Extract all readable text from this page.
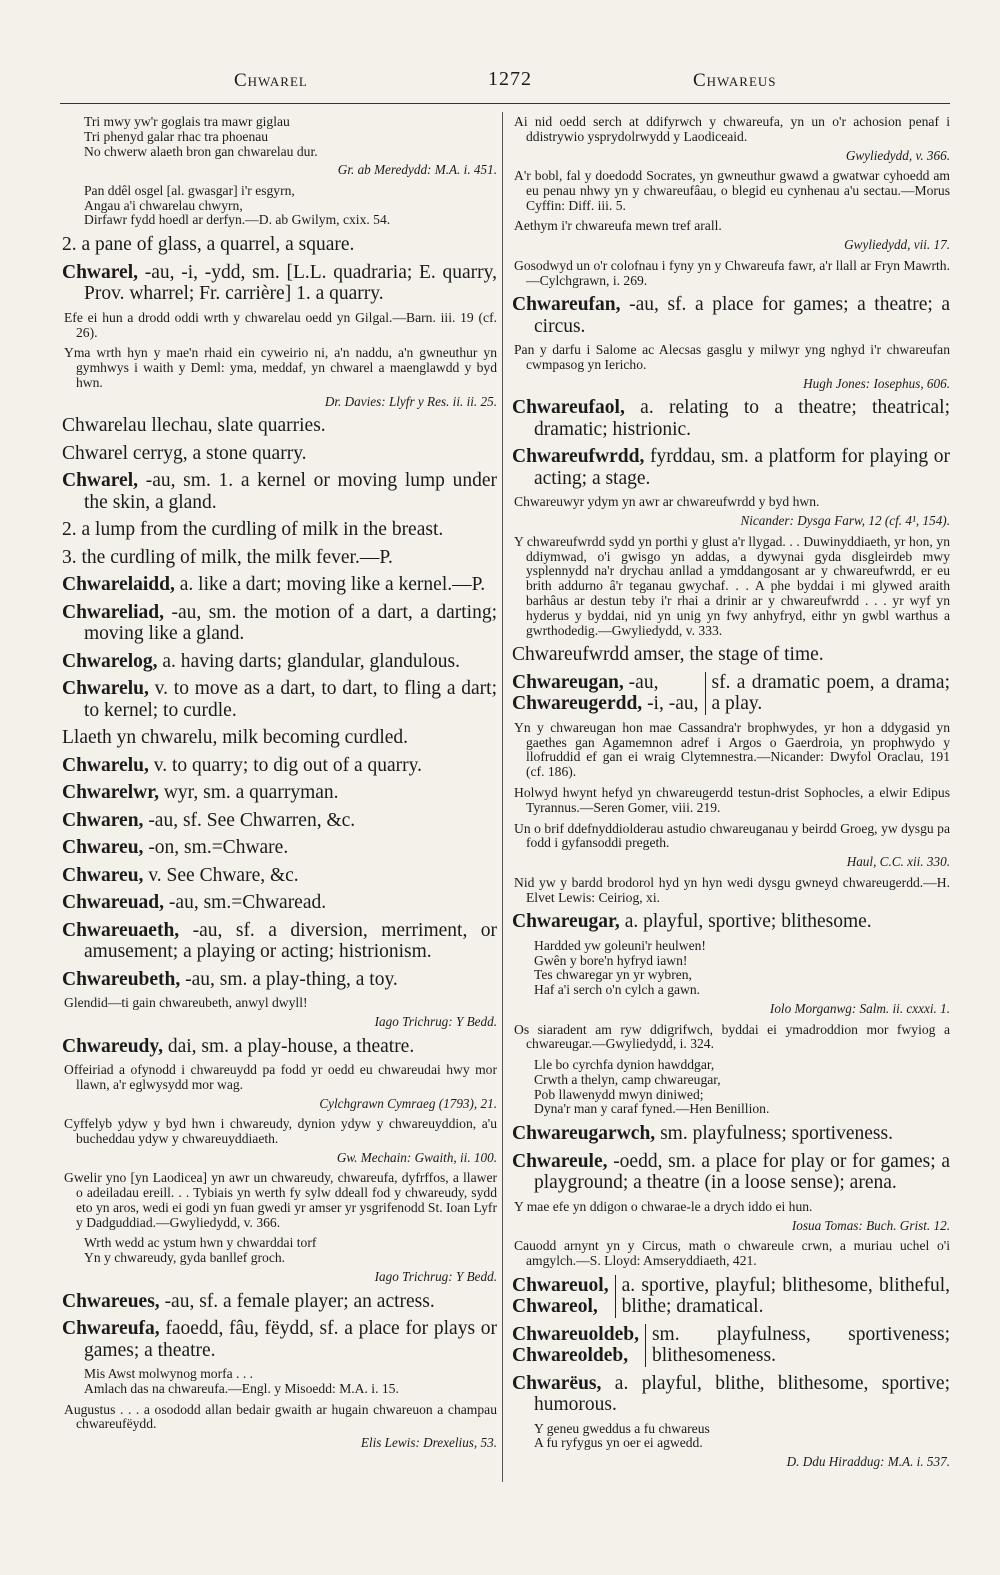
Chwarel	1272	Chwareus
Tri mwy yw'r goglais tra mawr giglau
Tri phenyd galar rhac tra phoenau
No chwerw alaeth bron gan chwarelau dur.
Gr. ab Meredydd: M.A. i. 451.
Pan ddêl osgel [al. gwasgar] i'r esgyrn,
Angau a'i chwarelau chwyrn,
Dirfawr fydd hoedl ar derfyn.—D. ab Gwilym, cxix. 54.
2. a pane of glass, a quarrel, a square.
Chwarel, -au, -i, -ydd, sm. [L.L. quadraria; E. quarry, Prov. wharrel; Fr. carrière] 1. a quarry.
Efe ei hun a drodd oddi wrth y chwarelau oedd yn Gilgal.—Barn. iii. 19 (cf. 26).
Yma wrth hyn y mae'n rhaid ein cyweirio ni, a'n naddu, a'n gwneuthur yn gymhwys i waith y Deml: yma, meddaf, yn chwarel a maenglawdd y byd hwn.
Dr. Davies: Llyfr y Res. ii. ii. 25.
Chwarelau llechau, slate quarries.
Chwarel cerryg, a stone quarry.
Chwarel, -au, sm. 1. a kernel or moving lump under the skin, a gland.
2. a lump from the curdling of milk in the breast.
3. the curdling of milk, the milk fever.—P.
Chwarelaidd, a. like a dart; moving like a kernel.—P.
Chwareliad, -au, sm. the motion of a dart, a darting; moving like a gland.
Chwarelog, a. having darts; glandular, glandulous.
Chwarelu, v. to move as a dart, to dart, to fling a dart; to kernel; to curdle.
Llaeth yn chwarelu, milk becoming curdled.
Chwarelu, v. to quarry; to dig out of a quarry.
Chwarelwr, wyr, sm. a quarryman.
Chwaren, -au, sf. See Chwarren, &c.
Chwareu, -on, sm.=Chware.
Chwareu, v. See Chware, &c.
Chwareuad, -au, sm.=Chwaread.
Chwareuaeth, -au, sf. a diversion, merriment, or amusement; a playing or acting; histrionism.
Chwareubeth, -au, sm. a play-thing, a toy.
Glendid—ti gain chwareubeth, anwyl dwyll!
Iago Trichrug: Y Bedd.
Chwareudy, dai, sm. a play-house, a theatre.
Offeiriad a ofynodd i chwareuydd pa fodd yr oedd eu chwareudai hwy mor llawn, a'r eglwysydd mor wag.
Cylchgrawn Cymraeg (1793), 21.
Cyffelyb ydyw y byd hwn i chwareudy, dynion ydyw y chwareuyddion, a'u bucheddau ydyw y chwareuyddiaeth.
Gw. Mechain: Gwaith, ii. 100.
Gwelir yno [yn Laodicea] yn awr un chwareudy, chwareufa, dyfrffos, a llawer o adeiladau ereill. . . Tybiais yn werth fy sylw ddeall fod y chwareudy, sydd eto yn aros, wedi ei godi yn fuan gwedi yr amser yr ysgrifenodd St. Ioan Lyfr y Dadguddiad.—Gwyliedydd, v. 366.
Wrth wedd ac ystum hwn y chwarddai torf
Yn y chwareudy, gyda banllef groch.
Iago Trichrug: Y Bedd.
Chwareues, -au, sf. a female player; an actress.
Chwareufa, faoedd, fâu, fëydd, sf. a place for plays or games; a theatre.
Mis Awst molwynog morfa . . .
Amlach das na chwareufa.—Engl. y Misoedd: M.A. i. 15.
Augustus . . . a osododd allan bedair gwaith ar hugain chwareuon a champau chwareufëydd.
Elis Lewis: Drexelius, 53.
Ai nid oedd serch at ddifyrwch y chwareufa, yn un o'r achosion penaf i ddistrywio ysprydolrwydd y Laodiceaid.
Gwyliedydd, v. 366.
A'r bobl, fal y doedodd Socrates, yn gwneuthur gwawd a gwatwar cyhoedd am eu penau nhwy yn y chwareufâau, o blegid eu cynhenau a'u sectau.—Morus Cyffin: Diff. iii. 5.
Aethym i'r chwareufa mewn tref arall.
Gwyliedydd, vii. 17.
Gosodwyd un o'r colofnau i fyny yn y Chwareufa fawr, a'r llall ar Fryn Mawrth.—Cylchgrawn, i. 269.
Chwareufan, -au, sf. a place for games; a theatre; a circus.
Pan y darfu i Salome ac Alecsas gasglu y milwyr yng nghyd i'r chwareufan cwmpasog yn Iericho.
Hugh Jones: Iosephus, 606.
Chwareufaol, a. relating to a theatre; theatrical; dramatic; histrionic.
Chwareufwrdd, fyrddau, sm. a platform for playing or acting; a stage.
Chwareuwyr ydym yn awr ar chwareufwrdd y byd hwn.
Nicander: Dysga Farw, 12 (cf. 4¹, 154).
Y chwareufwrdd sydd yn porthi y glust a'r llygad. . . Duwinyddiaeth, yr hon, yn ddiymwad, o'i gwisgo yn addas, a dywynai gyda disgleirdeb mwy ysplennydd na'r drychau anllad a ymddangosant ar y chwareufwrdd, er eu brith addurno â'r teganau gwychaf. . . A phe byddai i mi glywed araith barhâus ar destun teby i'r rhai a drinir ar y chwareufwrdd . . . yr wyf yn hyderus y byddai, nid yn unig yn fwy anhyfryd, eithr yn gwbl warthus a gwrthodedig.—Gwyliedydd, v. 333.
Chwareufwrdd amser, the stage of time.
Chwareugan, -au,
Chwareugerdd, -i, -au,
sf. a dramatic poem, a drama; a play.
Yn y chwareugan hon mae Cassandra'r brophwydes, yr hon a ddygasid yn gaethes gan Agamemnon adref i Argos o Gaerdroia, yn prophwydo y llofruddid ef gan ei wraig Clytemnestra.—Nicander: Dwyfol Oraclau, 191 (cf. 186).
Holwyd hwynt hefyd yn chwareugerdd testun-drist Sophocles, a elwir Edipus Tyrannus.—Seren Gomer, viii. 219.
Un o brif ddefnyddiolderau astudio chwareuganau y beirdd Groeg, yw dysgu pa fodd i gyfansoddi pregeth.
Haul, C.C. xii. 330.
Nid yw y bardd brodorol hyd yn hyn wedi dysgu gwneyd chwareugerdd.—H. Elvet Lewis: Ceiriog, xi.
Chwareugar, a. playful, sportive; blithesome.
Hardded yw goleuni'r heulwen!
Gwên y bore'n hyfryd iawn!
Tes chwaregar yn yr wybren,
Haf a'i serch o'n cylch a gawn.
Iolo Morganwg: Salm. ii. cxxxi. 1.
Os siaradent am ryw ddigrifwch, byddai ei ymadroddion mor fwyiog a chwareugar.—Gwyliedydd, i. 324.
Lle bo cyrchfa dynion hawddgar,
Crwth a thelyn, camp chwareugar,
Pob llawenydd mwyn diniwed;
Dyna'r man y caraf fyned.—Hen Benillion.
Chwareugarwch, sm. playfulness; sportiveness.
Chwareule, -oedd, sm. a place for play or for games; a playground; a theatre (in a loose sense); arena.
Y mae efe yn ddigon o chwarae-le a drych iddo ei hun.
Iosua Tomas: Buch. Grist. 12.
Cauodd arnynt yn y Circus, math o chwareule crwn, a muriau uchel o'i amgylch.—S. Lloyd: Amseryddiaeth, 421.
Chwareuol,
Chwareol,
a. sportive, playful; blithesome, blitheful, blithe; dramatical.
Chwareuoldeb,
Chwareoldeb,
sm. playfulness, sportiveness; blithesomeness.
Chwarëus, a. playful, blithe, blithesome, sportive; humorous.
Y geneu gweddus a fu chwareus
A fu ryfygus yn oer ei agwedd.
D. Ddu Hiraddug: M.A. i. 537.
